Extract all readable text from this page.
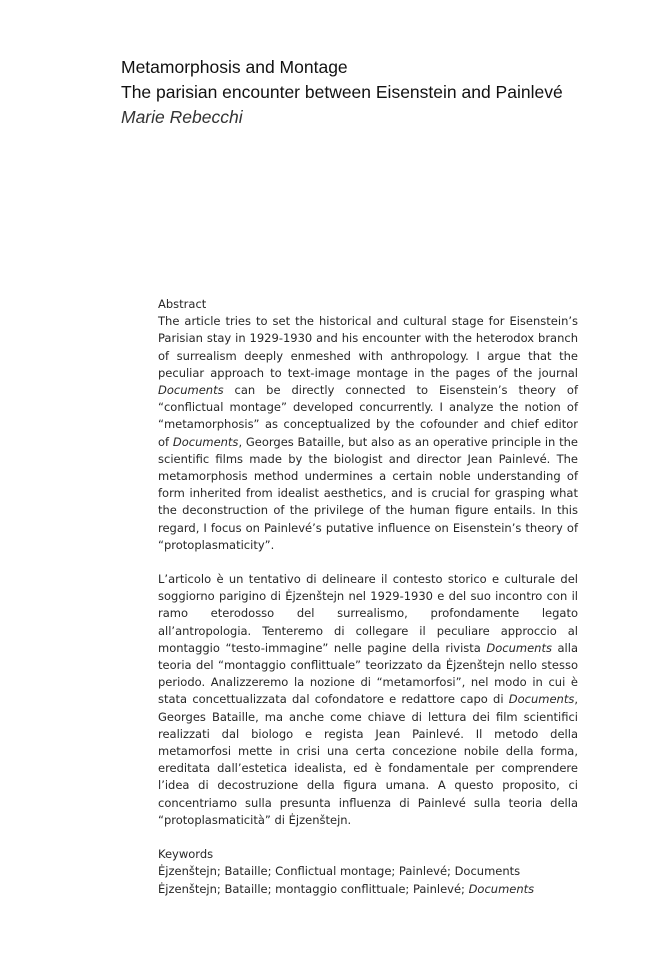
Metamorphosis and Montage
The parisian encounter between Eisenstein and Painlevé
Marie Rebecchi
Abstract

The article tries to set the historical and cultural stage for Eisenstein’s Parisian stay in 1929-1930 and his encounter with the heterodox branch of surrealism deeply enmeshed with anthropology. I argue that the peculiar approach to text-image montage in the pages of the journal Documents can be directly connected to Eisenstein’s theory of “conflictual montage” developed concurrently. I analyze the notion of “metamorphosis” as conceptualized by the cofounder and chief editor of Documents, Georges Bataille, but also as an operative principle in the scientific films made by the biologist and director Jean Painlevé. The metamorphosis method undermines a certain noble understanding of form inherited from idealist aesthetics, and is crucial for grasping what the deconstruction of the privilege of the human figure entails. In this regard, I focus on Painlevé’s putative influence on Eisenstein’s theory of “protoplasmaticity”.

L’articolo è un tentativo di delineare il contesto storico e culturale del soggiorno parigino di Ėjzenštejn nel 1929-1930 e del suo incontro con il ramo eterodosso del surrealismo, profondamente legato all’antropologia. Tenteremo di collegare il peculiare approccio al montaggio “testo-immagine” nelle pagine della rivista Documents alla teoria del “montaggio conflittuale” teorizzato da Ėjzenštejn nello stesso periodo. Analizzeremo la nozione di “metamorfosi”, nel modo in cui è stata concettualizzata dal cofondatore e redattore capo di Documents, Georges Bataille, ma anche come chiave di lettura dei film scientifici realizzati dal biologo e regista Jean Painlevé. Il metodo della metamorfosi mette in crisi una certa concezione nobile della forma, ereditata dall’estetica idealista, ed è fondamentale per comprendere l’idea di decostruzione della figura umana. A questo proposito, ci concentriamo sulla presunta influenza di Painlevé sulla teoria della “protoplasmaticità” di Ėjzenštejn.

Keywords
Ėjzenštejn; Bataille; Conflictual montage; Painlevé; Documents
Ėjzenštejn; Bataille; montaggio conflittuale; Painlevé; Documents
